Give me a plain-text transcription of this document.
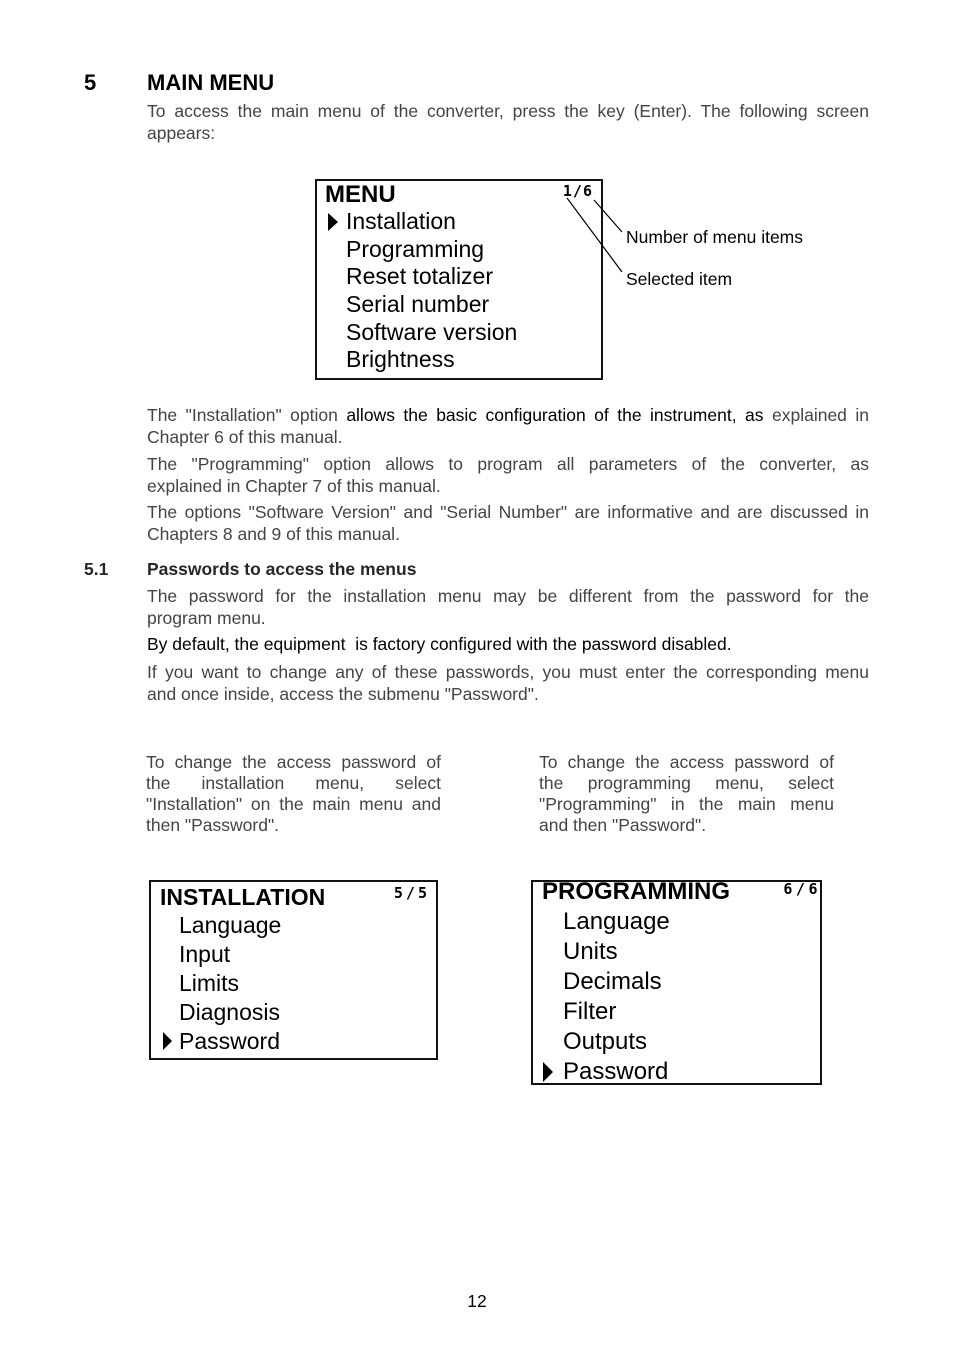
5 MAIN MENU
To access the main menu of the converter, press the key (Enter). The following screen
appears:
MENU	1/6
Installation
Programming
Reset totalizer
Serial number
Software version
Brightness
Number of menu items
Selected item
The "Installation" option allows the basic configuration of the instrument, as explained in
Chapter 6 of this manual.
The "Programming" option allows to program all parameters of the converter, as
explained in Chapter 7 of this manual.
The options "Software Version" and "Serial Number" are informative and are discussed in
Chapters 8 and 9 of this manual.
5.1 Passwords to access the menus
The password for the installation menu may be different from the password for the
program menu.
By default, the equipment  is factory configured with the password disabled.
If you want to change any of these passwords, you must enter the corresponding menu
and once inside, access the submenu "Password".
To change the access password of
the installation menu, select
"Installation" on the main menu and
then "Password".
To change the access password of
the programming menu, select
"Programming" in the main menu
and then "Password".
INSTALLATION	5/5
Language
Input
Limits
Diagnosis
Password
PROGRAMMING	6/6
Language
Units
Decimals
Filter
Outputs
Password
12
